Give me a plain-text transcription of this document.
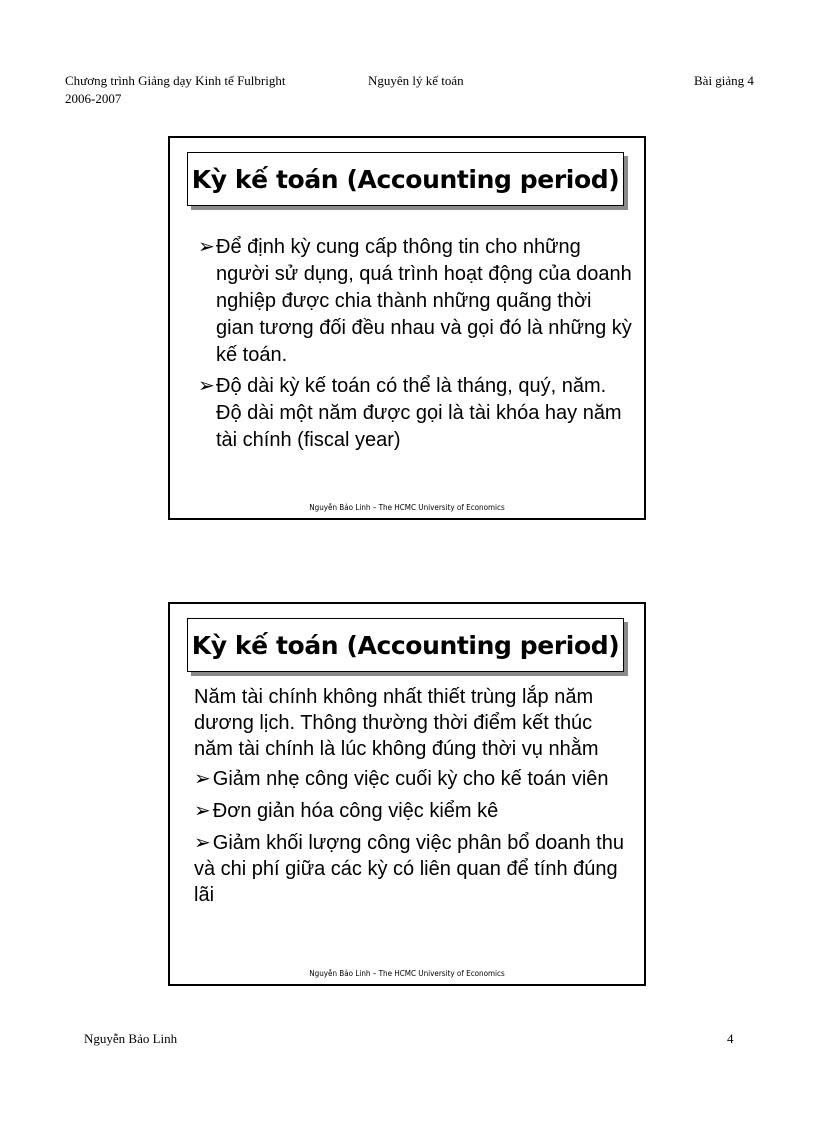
Chương trình Giảng dạy Kinh tế Fulbright
2006-2007
Nguyên lý kế toán	Bài giảng 4
Kỳ kế toán (Accounting period)
➢ Để định kỳ cung cấp thông tin cho những người sử dụng, quá trình hoạt động của doanh nghiệp được chia thành những quãng thời gian tương đối đều nhau và gọi đó là những kỳ kế toán.
➢ Độ dài kỳ kế toán có thể là tháng, quý, năm. Độ dài một năm được gọi là tài khóa hay năm tài chính (fiscal year)
Nguyễn Bảo Linh – The HCMC University of Economics
Kỳ kế toán (Accounting period)
Năm tài chính không nhất thiết trùng lắp năm dương lịch. Thông thường thời điểm kết thúc năm tài chính là lúc không đúng thời vụ nhằm
➢ Giảm nhẹ công việc cuối kỳ cho kế toán viên
➢ Đơn giản hóa công việc kiểm kê
➢ Giảm khối lượng công việc phân bổ doanh thu và chi phí giữa các kỳ có liên quan để tính đúng lãi
Nguyễn Bảo Linh – The HCMC University of Economics
Nguyễn Bảo Linh	4
